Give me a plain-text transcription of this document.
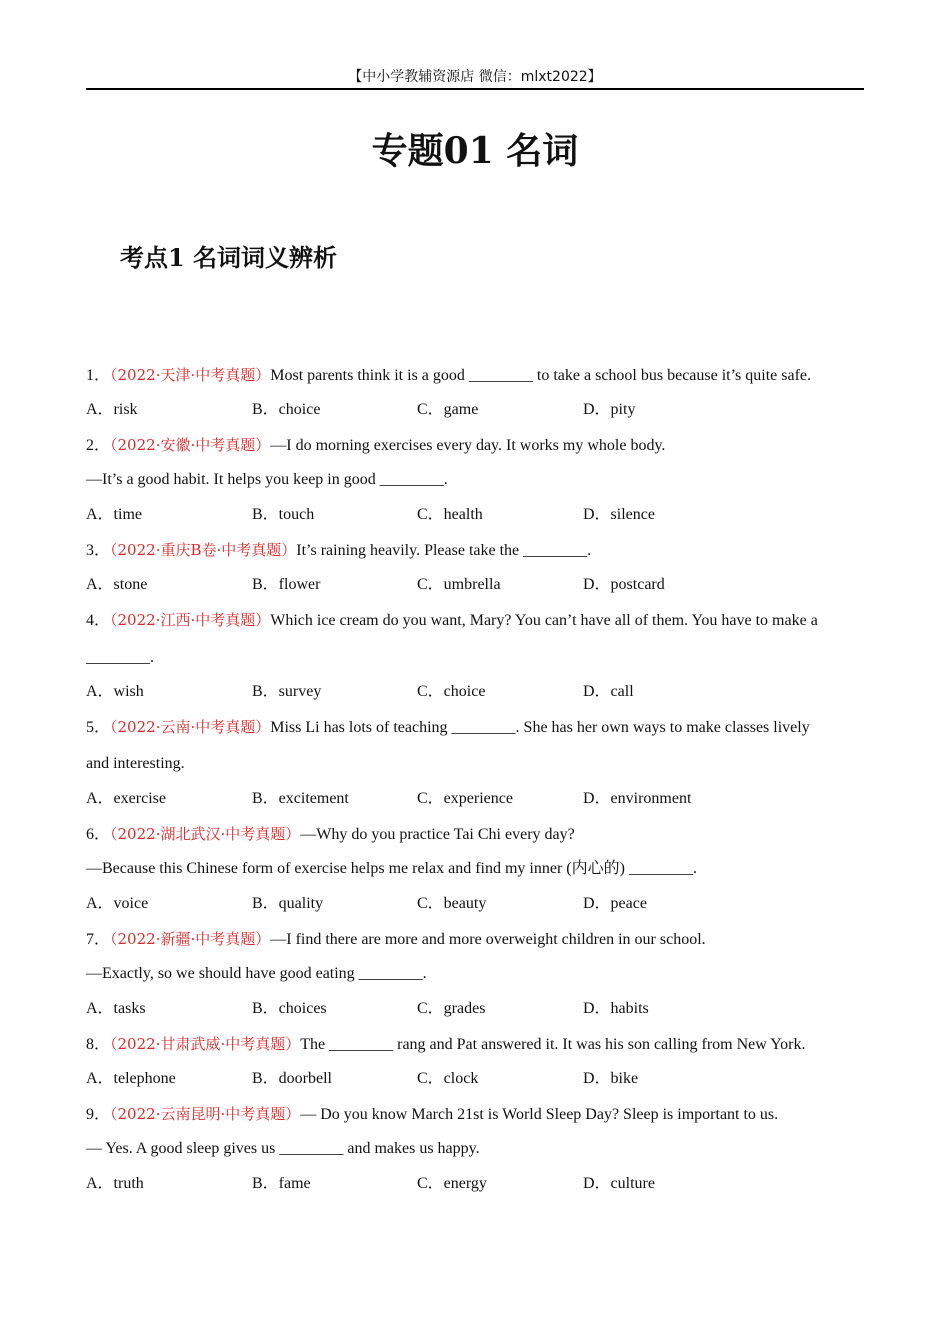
【中小学教辅资源店 微信：mlxt2022】
专题01 名词
考点1 名词词义辨析
1．（2022·天津·中考真题）Most parents think it is a good ________ to take a school bus because it’s quite safe.
A．risk	B．choice	C．game	D．pity
2．（2022·安徽·中考真题）—I do morning exercises every day. It works my whole body.
—It’s a good habit. It helps you keep in good ________.
A．time	B．touch	C．health	D．silence
3．（2022·重庆B卷·中考真题）It’s raining heavily. Please take the ________.
A．stone	B．flower	C．umbrella	D．postcard
4．（2022·江西·中考真题）Which ice cream do you want, Mary? You can’t have all of them. You have to make a
________.
A．wish	B．survey	C．choice	D．call
5．（2022·云南·中考真题）Miss Li has lots of teaching ________. She has her own ways to make classes lively
and interesting.
A．exercise	B．excitement	C．experience	D．environment
6．（2022·湖北武汉·中考真题）—Why do you practice Tai Chi every day?
—Because this Chinese form of exercise helps me relax and find my inner (内心的) ________.
A．voice	B．quality	C．beauty	D．peace
7．（2022·新疆·中考真题）—I find there are more and more overweight children in our school.
—Exactly, so we should have good eating ________.
A．tasks	B．choices	C．grades	D．habits
8．（2022·甘肃武威·中考真题）The ________ rang and Pat answered it. It was his son calling from New York.
A．telephone	B．doorbell	C．clock	D．bike
9．（2022·云南昆明·中考真题）— Do you know March 21st is World Sleep Day? Sleep is important to us.
— Yes. A good sleep gives us ________ and makes us happy.
A．truth	B．fame	C．energy	D．culture
